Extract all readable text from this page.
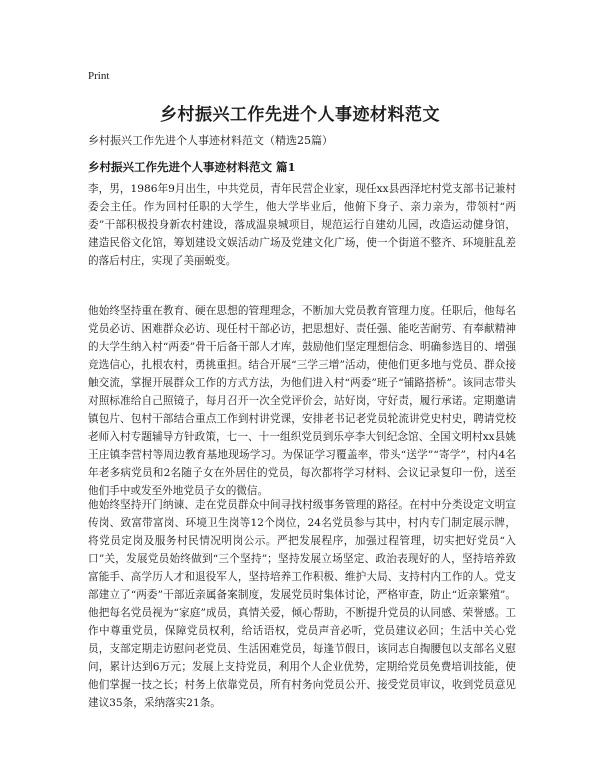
Print
乡村振兴工作先进个人事迹材料范文

乡村振兴工作先进个人事迹材料范文（精选25篇）

乡村振兴工作先进个人事迹材料范文 篇1

李，男，1986年9月出生，中共党员，青年民营企业家，现任xx县西泽坨村党支部书记兼村委会主任。作为回村任职的大学生，他大学毕业后，他俯下身子、亲力亲为，带领村“两委”干部积极投身新农村建设，落成温泉城项目，规范运行自建幼儿园，改造运动健身馆，建造民俗文化馆，筹划建设文娱活动广场及党建文化广场，使一个街道不整齐、环境脏乱差的落后村庄，实现了美丽蜕变。

他始终坚持重在教育、硬在思想的管理理念，不断加大党员教育管理力度。任职后，他每名党员必访、困难群众必访、现任村干部必访，把思想好、责任强、能吃苦耐劳、有奉献精神的大学生纳入村“两委”骨干后备干部人才库，鼓励他们坚定理想信念、明确参选目的、增强竞选信心，扎根农村，勇挑重担。结合开展“三学三增”活动，使他们更多地与党员、群众接触交流，掌握开展群众工作的方式方法，为他们进入村“两委”班子“铺路搭桥”。该同志带头对照标准给自己照镜子，每月召开一次全党评价会，站好岗，守好责，履行承诺。定期邀请镇包片、包村干部结合重点工作到村讲党课，安排老书记老党员轮流讲党史村史，聘请党校老师入村专题辅导方针政策，七一、十一组织党员到乐亭李大钊纪念馆、全国文明村xx县姚王庄镇李营村等周边教育基地现场学习。为保证学习覆盖率，带头“送学”“寄学”，村内4名年老多病党员和2名随子女在外居住的党员，每次都将学习材料、会议记录复印一份，送至他们手中或发至外地党员子女的微信。

他始终坚持开门纳谏、走在党员群众中间寻找村级事务管理的路径。在村中分类设定文明宣传岗、致富带富岗、环境卫生岗等12个岗位，24名党员参与其中，村内专门制定展示牌，将党员定岗及服务村民情况明岗公示。严把发展程序，加强过程管理，切实把好党员“入口”关，发展党员始终做到“三个坚持”；坚持发展立场坚定、政治表现好的人，坚持培养致富能手、高学历人才和退役军人，坚持培养工作积极、维护大局、支持村内工作的人。党支部建立了“两委”干部近亲属备案制度，发展党员时集体讨论，严格审查，防止“近亲繁殖”。他把每名党员视为“家庭”成员，真情关爱，倾心帮助，不断提升党员的认同感、荣誉感。工作中尊重党员，保障党员权利，给话语权，党员声音必听，党员建议必回；生活中关心党员，支部定期走访慰问老党员、生活困难党员，每逢节假日，该同志自掏腰包以支部名义慰问，累计达到6万元；发展上支持党员，利用个人企业优势，定期给党员免费培训技能，使他们掌握一技之长；村务上依靠党员，所有村务向党员公开、接受党员审议，收到党员意见建议35条，采纳落实21条。
